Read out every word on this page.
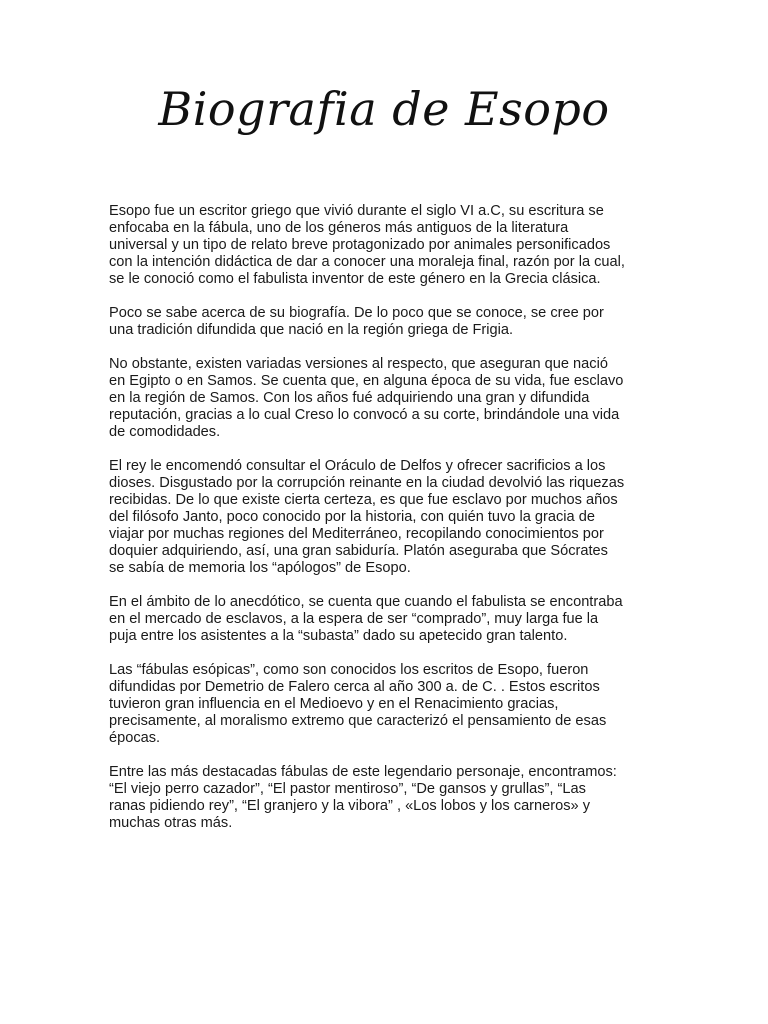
Biografia de Esopo

Esopo fue un escritor griego que vivió durante el siglo VI a.C, su escritura se
enfocaba en la fábula, uno de los géneros más antiguos de la literatura
universal y un tipo de relato breve protagonizado por animales personificados
con la intención didáctica de dar a conocer una moraleja final, razón por la cual,
se le conoció como el fabulista inventor de este género en la Grecia clásica.

Poco se sabe acerca de su biografía. De lo poco que se conoce, se cree por
una tradición difundida que nació en la región griega de Frigia.

No obstante, existen variadas versiones al respecto, que aseguran que nació
en Egipto o en Samos. Se cuenta que, en alguna época de su vida, fue esclavo
en la región de Samos. Con los años fué adquiriendo una gran y difundida
reputación, gracias a lo cual Creso lo convocó a su corte, brindándole una vida
de comodidades.

El rey le encomendó consultar el Oráculo de Delfos y ofrecer sacrificios a los
dioses. Disgustado por la corrupción reinante en la ciudad devolvió las riquezas
recibidas. De lo que existe cierta certeza, es que fue esclavo por muchos años
del filósofo Janto, poco conocido por la historia, con quién tuvo la gracia de
viajar por muchas regiones del Mediterráneo, recopilando conocimientos por
doquier adquiriendo, así, una gran sabiduría. Platón aseguraba que Sócrates
se sabía de memoria los “apólogos” de Esopo.

En el ámbito de lo anecdótico, se cuenta que cuando el fabulista se encontraba
en el mercado de esclavos, a la espera de ser “comprado”, muy larga fue la
puja entre los asistentes a la “subasta” dado su apetecido gran talento.

Las “fábulas esópicas”, como son conocidos los escritos de Esopo, fueron
difundidas por Demetrio de Falero cerca al año 300 a. de C. . Estos escritos
tuvieron gran influencia en el Medioevo y en el Renacimiento gracias,
precisamente, al moralismo extremo que caracterizó el pensamiento de esas
épocas.

Entre las más destacadas fábulas de este legendario personaje, encontramos:
“El viejo perro cazador”, “El pastor mentiroso”, “De gansos y grullas”, “Las
ranas pidiendo rey”, “El granjero y la vibora” , «Los lobos y los carneros» y
muchas otras más.
